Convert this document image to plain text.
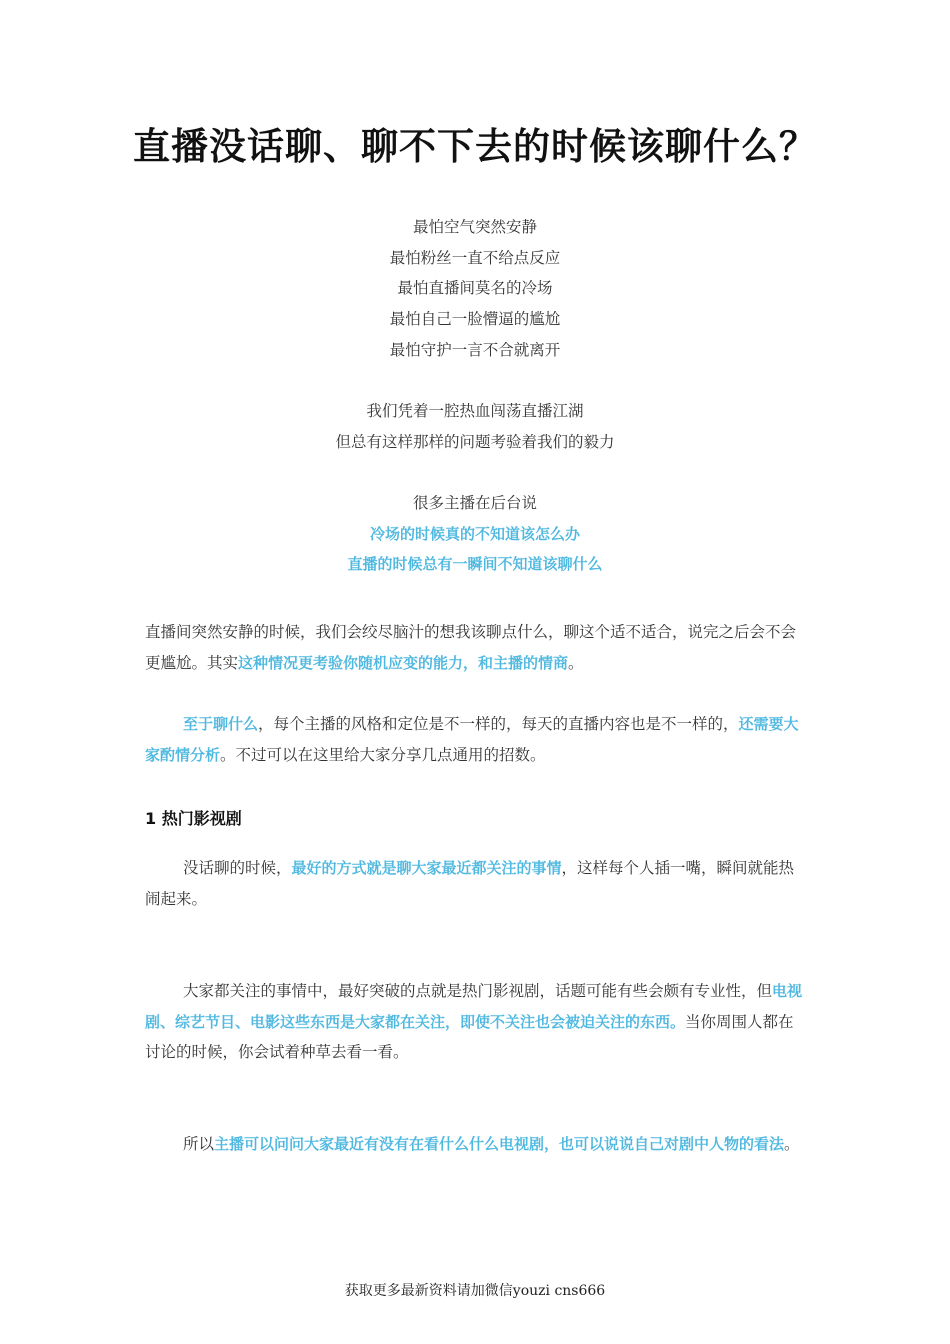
直播没话聊、聊不下去的时候该聊什么？
最怕空气突然安静
最怕粉丝一直不给点反应
最怕直播间莫名的冷场
最怕自己一脸懵逼的尴尬
最怕守护一言不合就离开
我们凭着一腔热血闯荡直播江湖
但总有这样那样的问题考验着我们的毅力
很多主播在后台说
冷场的时候真的不知道该怎么办
直播的时候总有一瞬间不知道该聊什么

直播间突然安静的时候，我们会绞尽脑汁的想我该聊点什么，聊这个适不适合，说完之后会不会更尴尬。其实这种情况更考验你随机应变的能力，和主播的情商。

至于聊什么，每个主播的风格和定位是不一样的，每天的直播内容也是不一样的，还需要大家酌情分析。不过可以在这里给大家分享几点通用的招数。

1 热门影视剧

没话聊的时候，最好的方式就是聊大家最近都关注的事情，这样每个人插一嘴，瞬间就能热闹起来。

大家都关注的事情中，最好突破的点就是热门影视剧，话题可能有些会颇有专业性，但电视剧、综艺节目、电影这些东西是大家都在关注，即使不关注也会被迫关注的东西。当你周围人都在讨论的时候，你会试着种草去看一看。

所以主播可以问问大家最近有没有在看什么什么电视剧，也可以说说自己对剧中人物的看法。

获取更多最新资料请加微信youzi cns666
